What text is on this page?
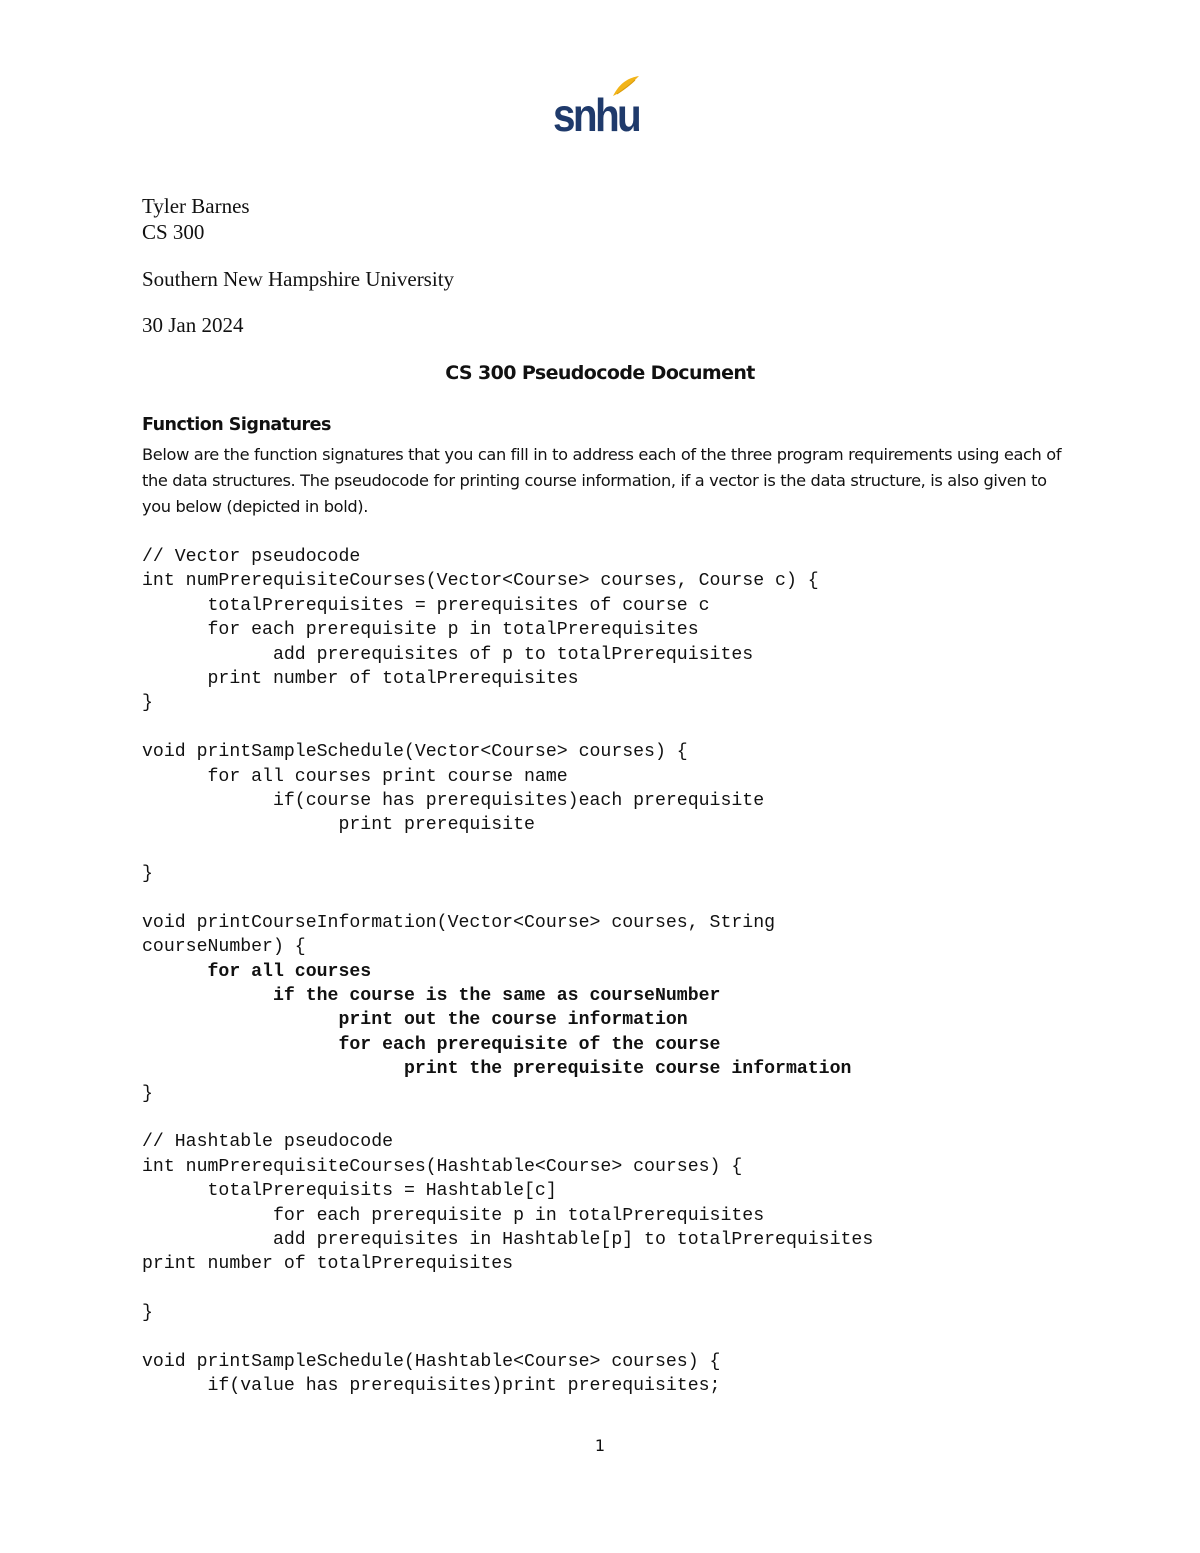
snhu
Tyler Barnes
CS 300
Southern New Hampshire University
30 Jan 2024
CS 300 Pseudocode Document
Function Signatures

Below are the function signatures that you can fill in to address each of the three program requirements using each of the data structures. The pseudocode for printing course information, if a vector is the data structure, is also given to you below (depicted in bold).

// Vector pseudocode
int numPrerequisiteCourses(Vector<Course> courses, Course c) {
totalPrerequisites = prerequisites of course c
for each prerequisite p in totalPrerequisites
add prerequisites of p to totalPrerequisites
print number of totalPrerequisites
}
void printSampleSchedule(Vector<Course> courses) {
for all courses print course name
if(course has prerequisites)each prerequisite
print prerequisite
}
void printCourseInformation(Vector<Course> courses, String
courseNumber) {
for all courses
if the course is the same as courseNumber
print out the course information
for each prerequisite of the course
print the prerequisite course information
}
// Hashtable pseudocode
int numPrerequisiteCourses(Hashtable<Course> courses) {
totalPrerequisits = Hashtable[c]
for each prerequisite p in totalPrerequisites
add prerequisites in Hashtable[p] to totalPrerequisites
print number of totalPrerequisites
}
void printSampleSchedule(Hashtable<Course> courses) {
if(value has prerequisites)print prerequisites;
1
